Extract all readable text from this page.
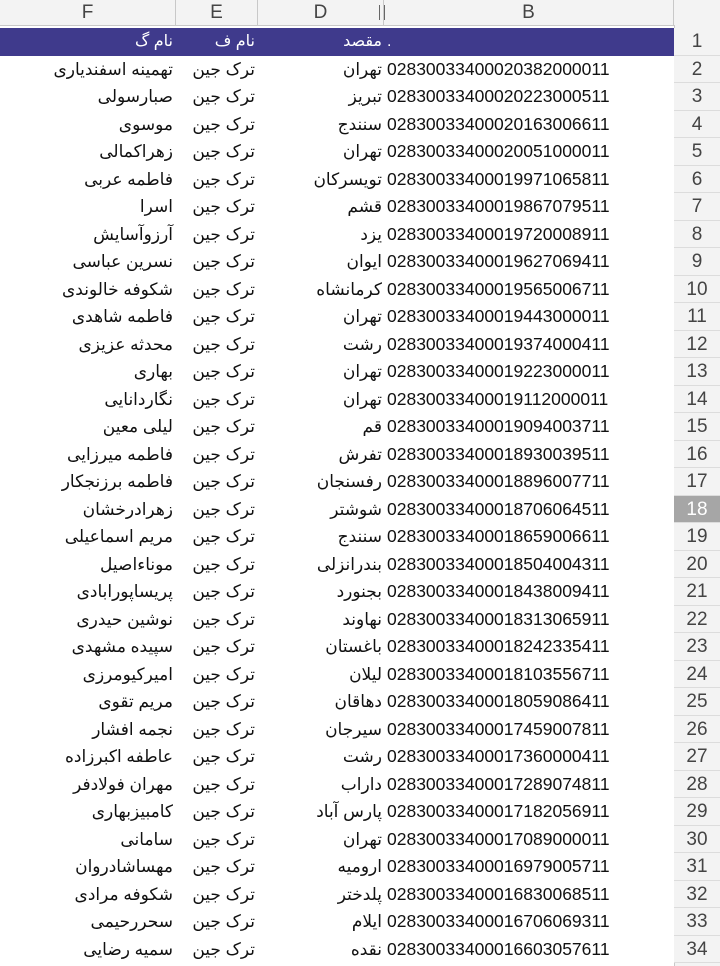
F	E	D	B
نام گ	نام ف	مقصد .	1
تهمینه اسفندیاری	ترک جین	تهران 02830033400020382000011	2
صبارسولی	ترک جین	تبریز 02830033400020223000511	3
موسوی	ترک جین	سنندج 02830033400020163006611	4
زهراکمالی	ترک جین	تهران 02830033400020051000011	5
فاطمه عربی	ترک جین	تویسرکان 02830033400019971065811	6
اسرا	ترک جین	قشم 02830033400019867079511	7
آرزوآسایش	ترک جین	یزد 02830033400019720008911	8
نسرین عباسی	ترک جین	ایوان 02830033400019627069411	9
شکوفه خالوندی	ترک جین	کرمانشاه 02830033400019565006711	10
فاطمه شاهدی	ترک جین	تهران 02830033400019443000011	11
محدثه عزیزی	ترک جین	رشت 02830033400019374000411	12
بهاری	ترک جین	تهران 02830033400019223000011	13
نگاردانایی	ترک جین	تهران 02830033400019112000011	14
لیلی معین	ترک جین	قم 02830033400019094003711	15
فاطمه میرزایی	ترک جین	تفرش 02830033400018930039511	16
فاطمه برزنجکار	ترک جین	رفسنجان 02830033400018896007711	17
زهرادرخشان	ترک جین	شوشتر 02830033400018706064511	18
مریم اسماعیلی	ترک جین	سنندج 02830033400018659006611	19
موناءاصیل	ترک جین	بندرانزلی 02830033400018504004311	20
پریساپورابادی	ترک جین	بجنورد 02830033400018438009411	21
نوشین حیدری	ترک جین	نهاوند 02830033400018313065911	22
سپیده مشهدی	ترک جین	باغستان 02830033400018242335411	23
امیرکیومرزی	ترک جین	لیلان 02830033400018103556711	24
مریم تقوی	ترک جین	دهاقان 02830033400018059086411	25
نجمه افشار	ترک جین	سیرجان 02830033400017459007811	26
عاطفه اکبرزاده	ترک جین	رشت 02830033400017360000411	27
مهران فولادفر	ترک جین	داراب 02830033400017289074811	28
کامبیزبهاری	ترک جین	پارس آباد 02830033400017182056911	29
سامانی	ترک جین	تهران 02830033400017089000011	30
مهساشادروان	ترک جین	ارومیه 02830033400016979005711	31
شکوفه مرادی	ترک جین	پلدختر 02830033400016830068511	32
سحررحیمی	ترک جین	ایلام 02830033400016706069311	33
سمیه رضایی	ترک جین	نقده 02830033400016603057611	34
